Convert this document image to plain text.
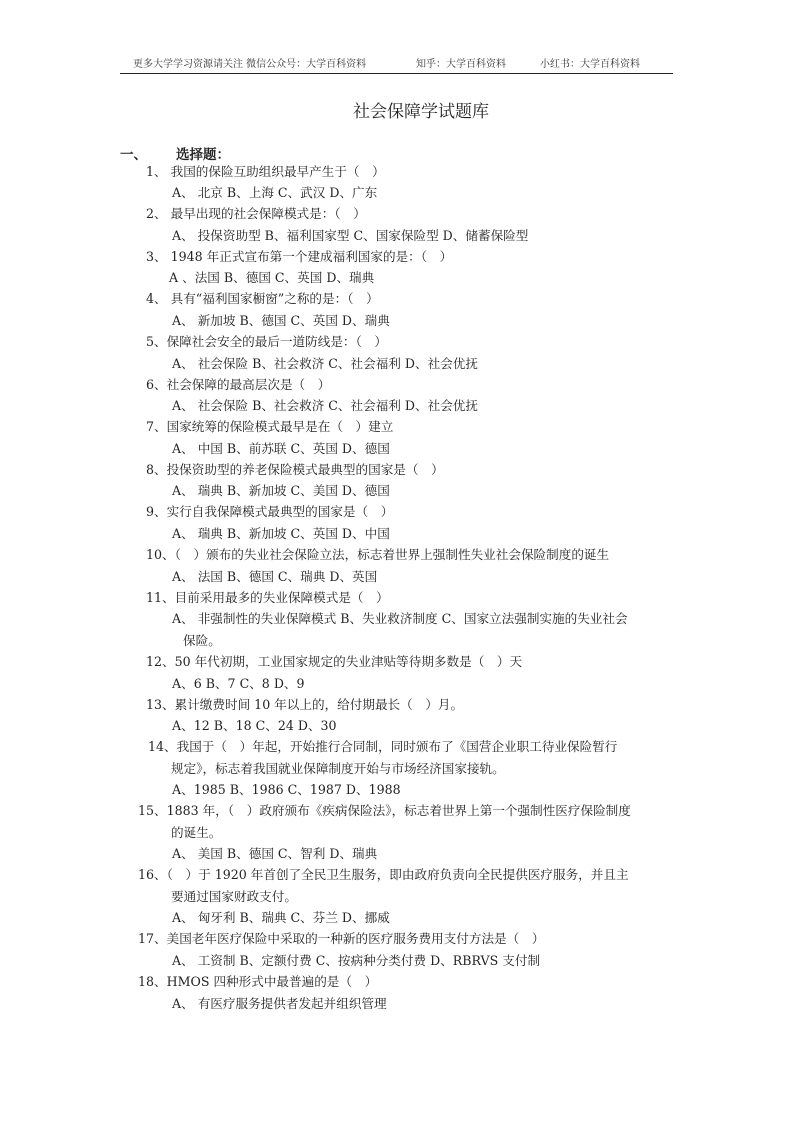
更多大学学习资源请关注 微信公众号：大学百科资料	知乎：大学百科资料	小红书：大学百科资料
社会保障学试题库
一、 选择题：
1、 我国的保险互助组织最早产生于（　）
A、 北京 B、上海 C、武汉 D、广东
2、 最早出现的社会保障模式是：（　）
A、 投保资助型 B、福利国家型 C、国家保险型 D、储蓄保险型
3、 1948 年正式宣布第一个建成福利国家的是：（　）
A 、法国 B、德国 C、英国 D、瑞典
4、 具有“福利国家橱窗”之称的是：（　）
A、 新加坡 B、德国 C、英国 D、瑞典
5、保障社会安全的最后一道防线是：（　）
A、 社会保险 B、社会救济 C、社会福利 D、社会优抚
6、社会保障的最高层次是（　）
A、 社会保险 B、社会救济 C、社会福利 D、社会优抚
7、国家统筹的保险模式最早是在（　）建立
A、 中国 B、前苏联 C、英国 D、德国
8、投保资助型的养老保险模式最典型的国家是（　）
A、 瑞典 B、新加坡 C、美国 D、德国
9、实行自我保障模式最典型的国家是（　）
A、 瑞典 B、新加坡 C、英国 D、中国
10、（　）颁布的失业社会保险立法，标志着世界上强制性失业社会保险制度的诞生
A、 法国 B、德国 C、瑞典 D、英国
11、目前采用最多的失业保障模式是（　）
A、 非强制性的失业保障模式 B、失业救济制度 C、国家立法强制实施的失业社会
保险。
12、50 年代初期，工业国家规定的失业津贴等待期多数是（　）天
A、6 B、7 C、8 D、9
13、累计缴费时间 10 年以上的，给付期最长（　）月。
A、12 B、18 C、24 D、30
14、我国于（　）年起，开始推行合同制，同时颁布了《国营企业职工待业保险暂行
规定》，标志着我国就业保障制度开始与市场经济国家接轨。
A、1985 B、1986 C、1987 D、1988
15、1883 年，（　）政府颁布《疾病保险法》，标志着世界上第一个强制性医疗保险制度
的诞生。
A、 美国 B、德国 C、智利 D、瑞典
16、（　）于 1920 年首创了全民卫生服务，即由政府负责向全民提供医疗服务，并且主
要通过国家财政支付。
A、 匈牙利 B、瑞典 C、芬兰 D、挪威
17、美国老年医疗保险中采取的一种新的医疗服务费用支付方法是（　）
A、 工资制 B、定额付费 C、按病种分类付费 D、RBRVS 支付制
18、HMOS 四种形式中最普遍的是（　）
A、 有医疗服务提供者发起并组织管理
